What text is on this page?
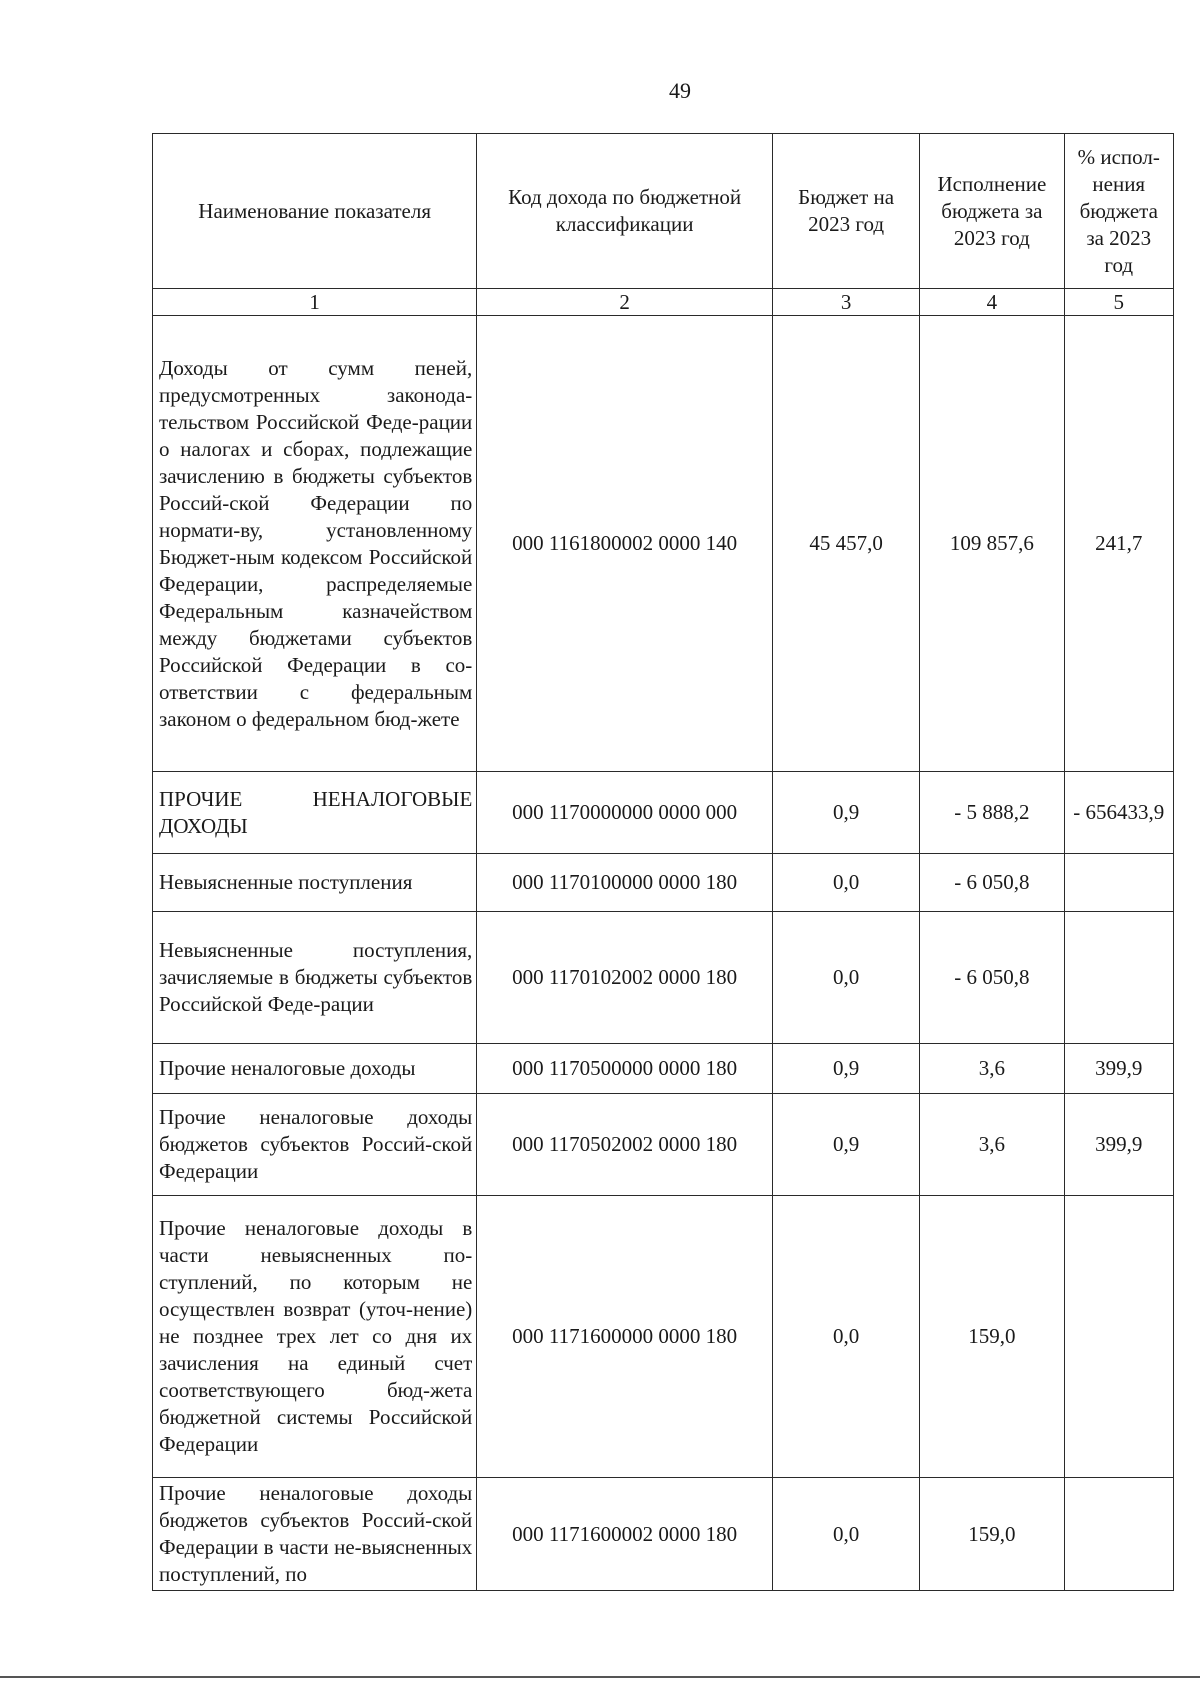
49
Наименование показателя	Код дохода по бюджетной классификации	Бюджет на 2023 год	Исполнение бюджета за 2023 год	% испол-нения бюджета за 2023 год
1	2	3	4	5
Доходы от сумм пеней, предусмотренных законода-тельством Российской Феде-рации о налогах и сборах, подлежащие зачислению в бюджеты субъектов Россий-ской Федерации по нормати-ву, установленному Бюджет-ным кодексом Российской Федерации, распределяемые Федеральным казначейством между бюджетами субъектов Российской Федерации в со-ответствии с федеральным законом о федеральном бюд-жете	000 1161800002 0000 140	45 457,0	109 857,6	241,7
ПРОЧИЕ НЕНАЛОГОВЫЕ ДОХОДЫ	000 1170000000 0000 000	0,9	- 5 888,2	- 656433,9
Невыясненные поступления	000 1170100000 0000 180	0,0	- 6 050,8	
Невыясненные поступления, зачисляемые в бюджеты субъектов Российской Феде-рации	000 1170102002 0000 180	0,0	- 6 050,8	
Прочие неналоговые доходы	000 1170500000 0000 180	0,9	3,6	399,9
Прочие неналоговые доходы бюджетов субъектов Россий-ской Федерации	000 1170502002 0000 180	0,9	3,6	399,9
Прочие неналоговые доходы в части невыясненных по-ступлений, по которым не осуществлен возврат (уточ-нение) не позднее трех лет со дня их зачисления на единый счет соответствующего бюд-жета бюджетной системы Российской Федерации	000 1171600000 0000 180	0,0	159,0	
Прочие неналоговые доходы бюджетов субъектов Россий-ской Федерации в части не-выясненных поступлений, по	000 1171600002 0000 180	0,0	159,0	
